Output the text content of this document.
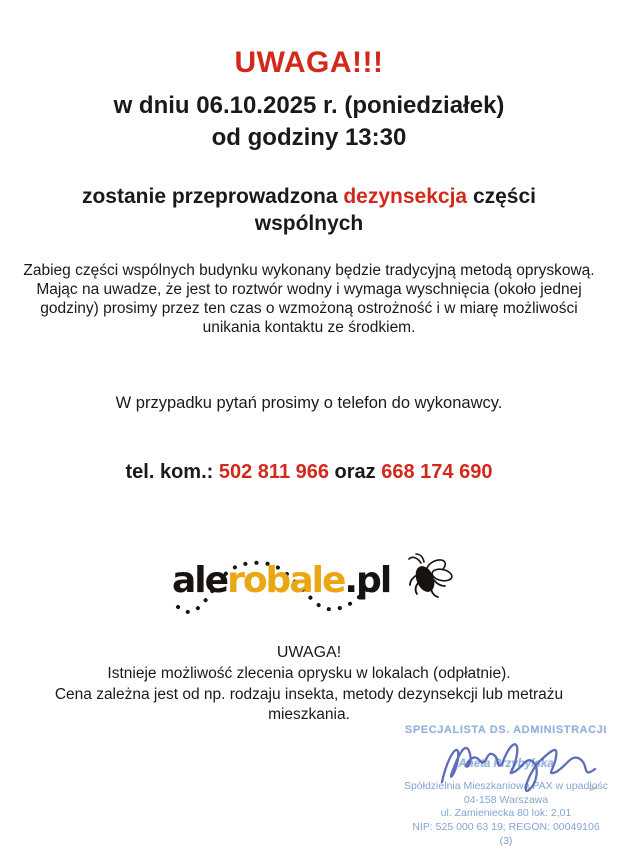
UWAGA!!!
w dniu 06.10.2025 r. (poniedziałek)
od godziny 13:30
zostanie przeprowadzona dezynsekcja części wspólnych
Zabieg części wspólnych budynku wykonany będzie tradycyjną metodą opryskową.
Mając na uwadze, że jest to roztwór wodny i wymaga wyschnięcia (około jednej
godziny) prosimy przez ten czas o wzmożoną ostrożność i w miarę możliwości
unikania kontaktu ze środkiem.
W przypadku pytań prosimy o telefon do wykonawcy.
tel. kom.: 502 811 966 oraz 668 174 690
alerobale.pl
UWAGA!
Istnieje możliwość zlecenia oprysku w lokalach (odpłatnie).
Cena zależna jest od np. rodzaju insekta, metody dezynsekcji lub metrażu
mieszkania.
SPECJALISTA DS. ADMINISTRACJI
Aneta Przybylska
Spółdzielnia Mieszkaniowa PAX w upadłośc
04-158 Warszawa
ul. Zamieniecka 80 lok: 2,01
NIP: 525 000 63 19; REGON: 00049106
(3)
